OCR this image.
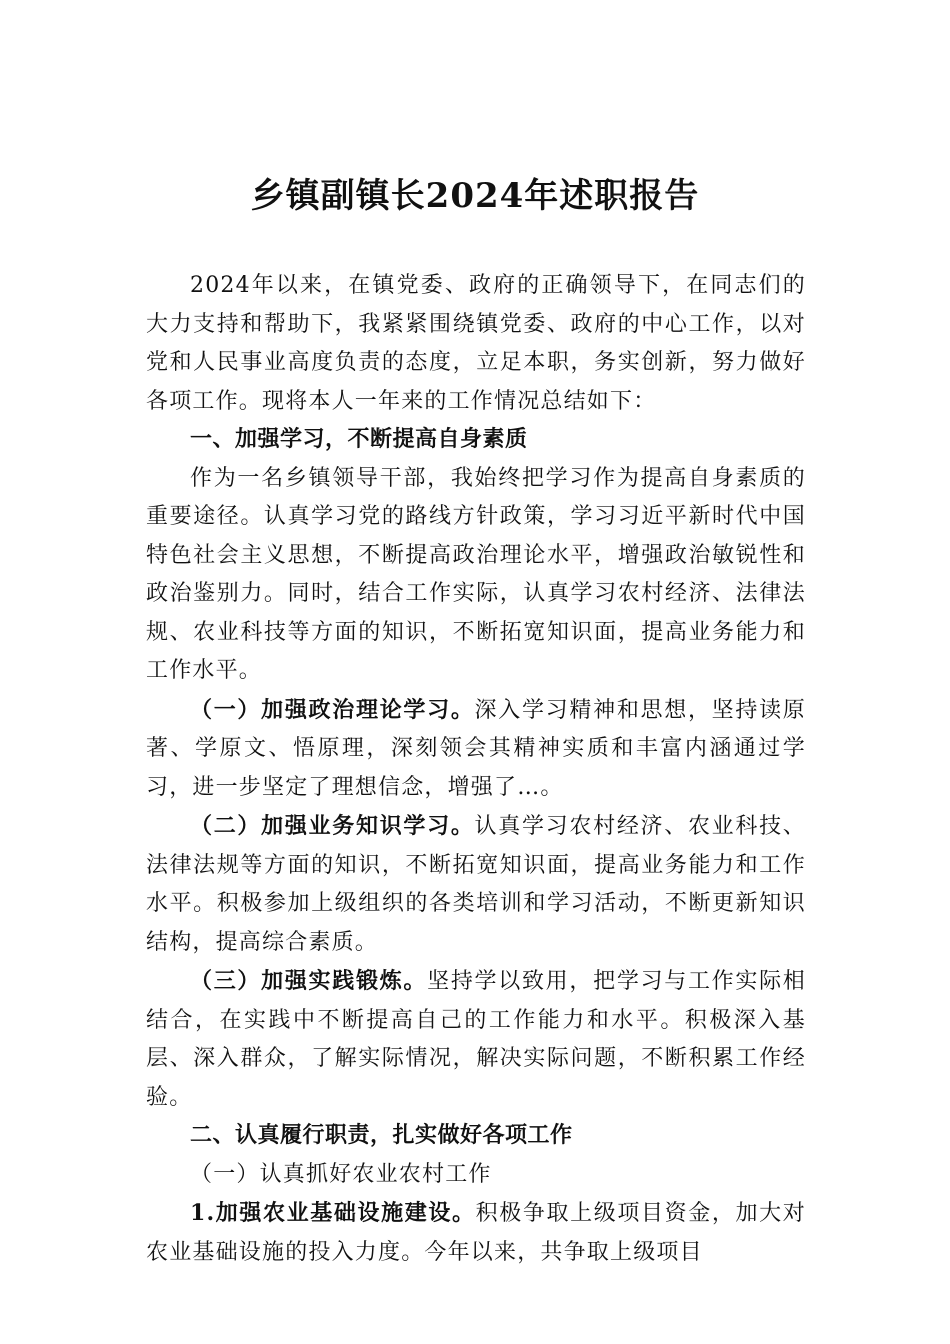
乡镇副镇长2024年述职报告

2024年以来，在镇党委、政府的正确领导下，在同志们的大力支持和帮助下，我紧紧围绕镇党委、政府的中心工作，以对党和人民事业高度负责的态度，立足本职，务实创新，努力做好各项工作。现将本人一年来的工作情况总结如下：

一、加强学习，不断提高自身素质

作为一名乡镇领导干部，我始终把学习作为提高自身素质的重要途径。认真学习党的路线方针政策，学习习近平新时代中国特色社会主义思想，不断提高政治理论水平，增强政治敏锐性和政治鉴别力。同时，结合工作实际，认真学习农村经济、法律法规、农业科技等方面的知识，不断拓宽知识面，提高业务能力和工作水平。

（一）加强政治理论学习。深入学习精神和思想，坚持读原著、学原文、悟原理，深刻领会其精神实质和丰富内涵通过学习，进一步坚定了理想信念，增强了…。

（二）加强业务知识学习。认真学习农村经济、农业科技、法律法规等方面的知识，不断拓宽知识面，提高业务能力和工作水平。积极参加上级组织的各类培训和学习活动，不断更新知识结构，提高综合素质。

（三）加强实践锻炼。坚持学以致用，把学习与工作实际相结合，在实践中不断提高自己的工作能力和水平。积极深入基层、深入群众，了解实际情况，解决实际问题，不断积累工作经验。

二、认真履行职责，扎实做好各项工作

（一）认真抓好农业农村工作

1.加强农业基础设施建设。积极争取上级项目资金，加大对农业基础设施的投入力度。今年以来，共争取上级项目
